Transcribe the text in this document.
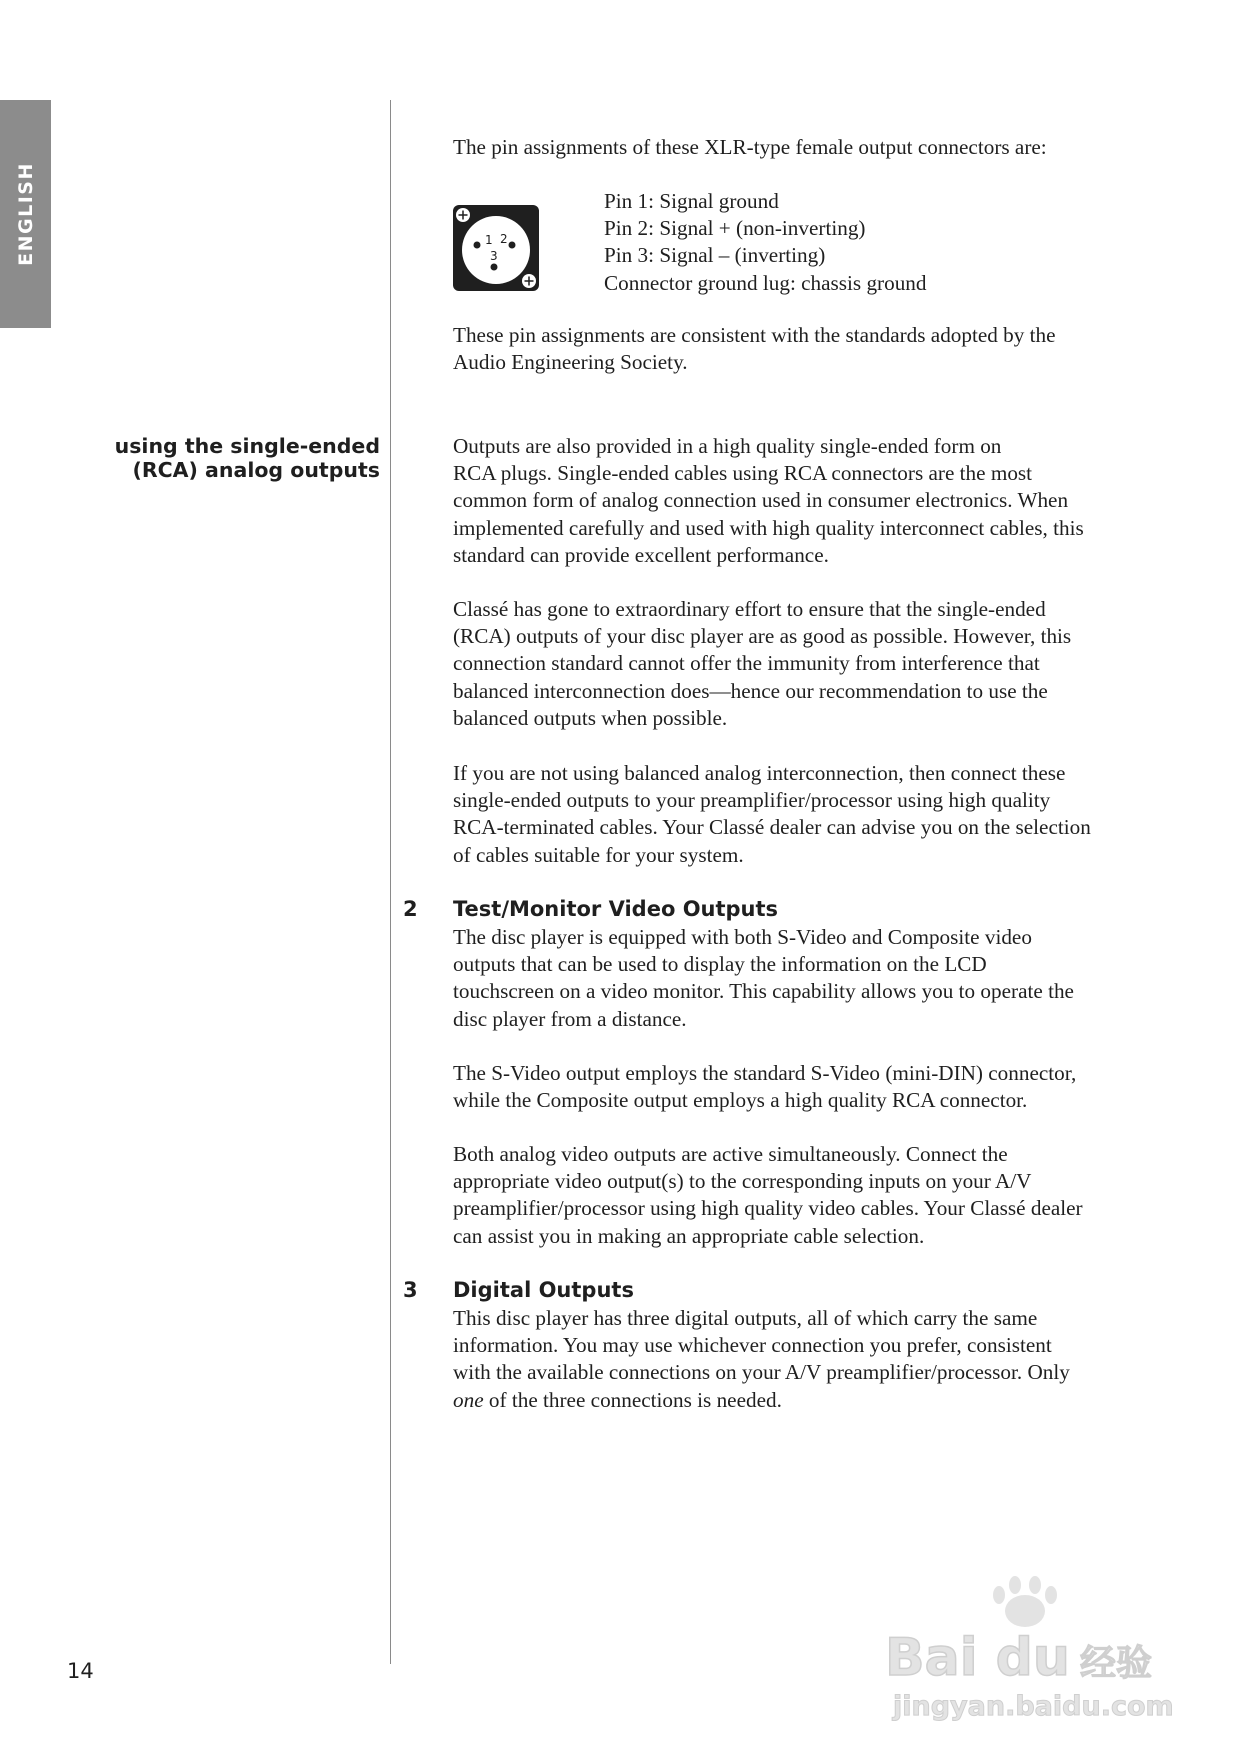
ENGLISH

The pin assignments of these XLR-type female output connectors are:

1 2
3
Pin 1: Signal ground
Pin 2: Signal + (non-inverting)
Pin 3: Signal – (inverting)
Connector ground lug: chassis ground
These pin assignments are consistent with the standards adopted by the
Audio Engineering Society.
using the single-ended
(RCA) analog outputs
Outputs are also provided in a high quality single-ended form on
RCA plugs. Single-ended cables using RCA connectors are the most
common form of analog connection used in consumer electronics. When
implemented carefully and used with high quality interconnect cables, this
standard can provide excellent performance.
Classé has gone to extraordinary effort to ensure that the single-ended
(RCA) outputs of your disc player are as good as possible. However, this
connection standard cannot offer the immunity from interference that
balanced interconnection does—hence our recommendation to use the
balanced outputs when possible.
If you are not using balanced analog interconnection, then connect these
single-ended outputs to your preamplifier/processor using high quality
RCA-terminated cables. Your Classé dealer can advise you on the selection
of cables suitable for your system.
2 Test/Monitor Video Outputs
The disc player is equipped with both S-Video and Composite video
outputs that can be used to display the information on the LCD
touchscreen on a video monitor. This capability allows you to operate the
disc player from a distance.
The S-Video output employs the standard S-Video (mini-DIN) connector,
while the Composite output employs a high quality RCA connector.
Both analog video outputs are active simultaneously. Connect the
appropriate video output(s) to the corresponding inputs on your A/V
preamplifier/processor using high quality video cables. Your Classé dealer
can assist you in making an appropriate cable selection.
3 Digital Outputs
This disc player has three digital outputs, all of which carry the same
information. You may use whichever connection you prefer, consistent
with the available connections on your A/V preamplifier/processor. Only
one of the three connections is needed.
14	Bai du 经验
jingyan.baidu.com
